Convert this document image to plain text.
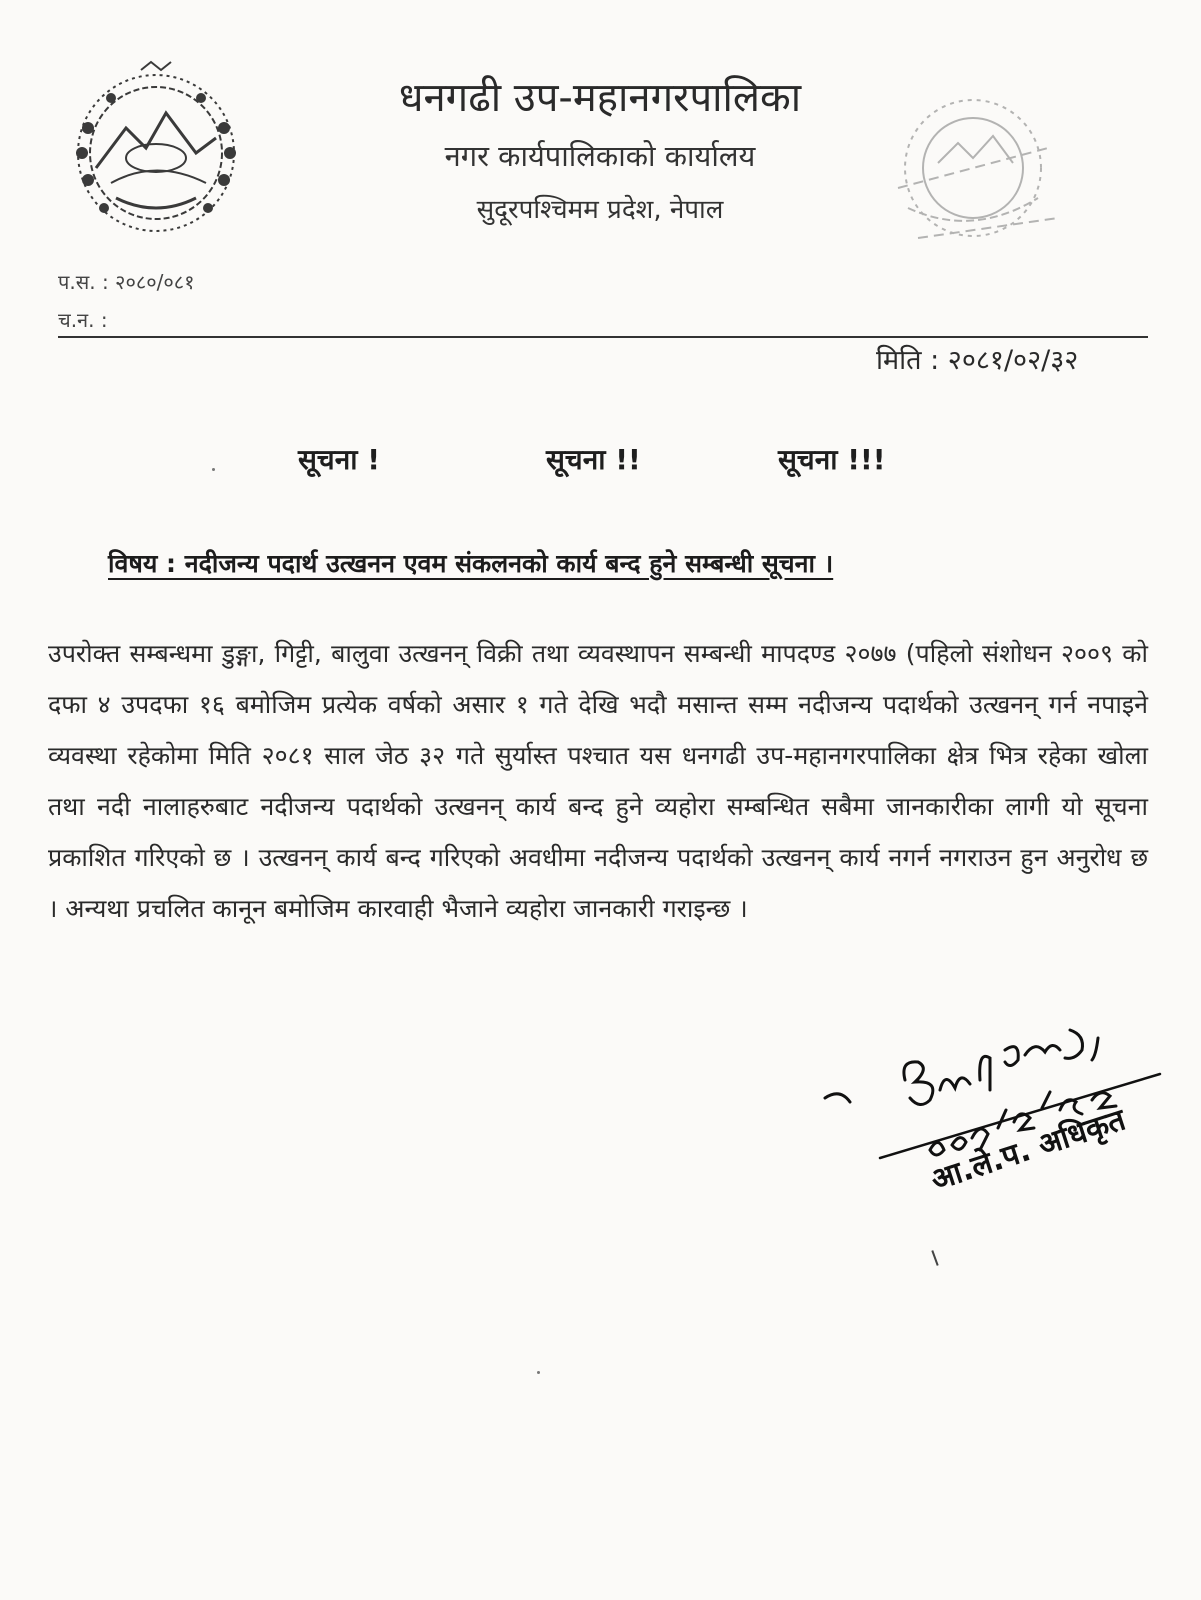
धनगढी उप-महानगरपालिका
नगर कार्यपालिकाको कार्यालय
सुदूरपश्चिमम प्रदेश, नेपाल
प.स. : २०८०/०८१
च.न. :
मिति : २०८१/०२/३२
सूचना !	सूचना !!	सूचना !!!
विषय : नदीजन्य पदार्थ उत्खनन एवम संकलनको कार्य बन्द हुने सम्बन्धी सूचना ।
उपरोक्त सम्बन्धमा डुङ्गा, गिट्टी, बालुवा उत्खनन् विक्री तथा व्यवस्थापन सम्बन्धी मापदण्ड २०७७ (पहिलो संशोधन २००९ को दफा ४ उपदफा १६ बमोजिम प्रत्येक वर्षको असार १ गते देखि भदौ मसान्त सम्म नदीजन्य पदार्थको उत्खनन् गर्न नपाइने व्यवस्था रहेकोमा मिति २०८१ साल जेठ ३२ गते सुर्यास्त पश्चात यस धनगढी उप-महानगरपालिका क्षेत्र भित्र रहेका खोला तथा नदी नालाहरुबाट नदीजन्य पदार्थको उत्खनन् कार्य बन्द हुने व्यहोरा सम्बन्धित सबैमा जानकारीका लागी यो सूचना प्रकाशित गरिएको छ । उत्खनन् कार्य बन्द गरिएको अवधीमा नदीजन्य पदार्थको उत्खनन् कार्य नगर्न नगराउन हुन अनुरोध छ । अन्यथा प्रचलित कानून बमोजिम कारवाही भैजाने व्यहोरा जानकारी गराइन्छ ।
आ.ले.प. अधिकृत
